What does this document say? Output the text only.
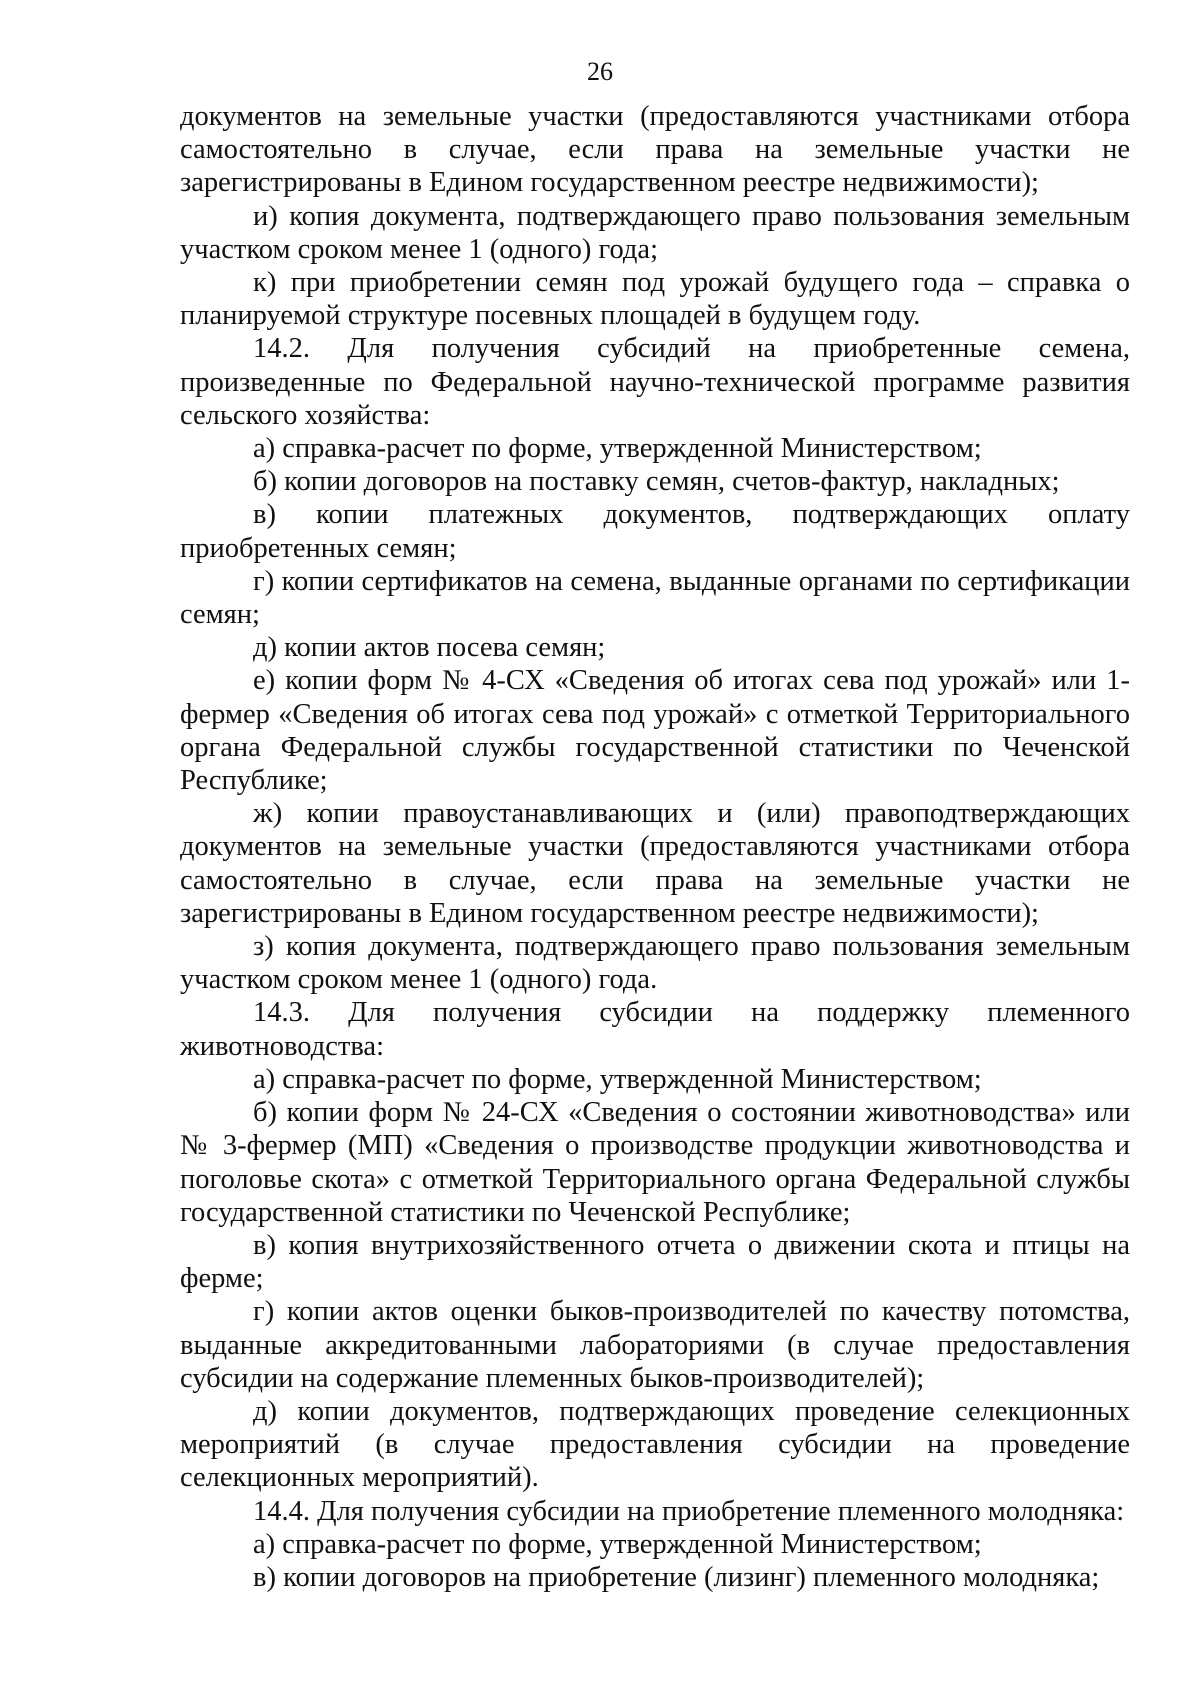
26

документов на земельные участки (предоставляются участниками отбора самостоятельно в случае, если права на земельные участки не зарегистрированы в Едином государственном реестре недвижимости);

и) копия документа, подтверждающего право пользования земельным участком сроком менее 1 (одного) года;

к) при приобретении семян под урожай будущего года – справка о планируемой структуре посевных площадей в будущем году.

14.2. Для получения субсидий на приобретенные семена, произведенные по Федеральной научно-технической программе развития сельского хозяйства:

а) справка-расчет по форме, утвержденной Министерством;

б) копии договоров на поставку семян, счетов-фактур, накладных;

в) копии платежных документов, подтверждающих оплату приобретенных семян;

г) копии сертификатов на семена, выданные органами по сертификации семян;

д) копии актов посева семян;

е) копии форм № 4-СХ «Сведения об итогах сева под урожай» или 1-фермер «Сведения об итогах сева под урожай» с отметкой Территориального органа Федеральной службы государственной статистики по Чеченской Республике;

ж) копии правоустанавливающих и (или) правоподтверждающих документов на земельные участки (предоставляются участниками отбора самостоятельно в случае, если права на земельные участки не зарегистрированы в Едином государственном реестре недвижимости);

з) копия документа, подтверждающего право пользования земельным участком сроком менее 1 (одного) года.

14.3. Для получения субсидии на поддержку племенного животноводства:

а) справка-расчет по форме, утвержденной Министерством;

б) копии форм № 24-СХ «Сведения о состоянии животноводства» или № 3-фермер (МП) «Сведения о производстве продукции животноводства и поголовье скота» с отметкой Территориального органа Федеральной службы государственной статистики по Чеченской Республике;

в) копия внутрихозяйственного отчета о движении скота и птицы на ферме;

г) копии актов оценки быков-производителей по качеству потомства, выданные аккредитованными лабораториями (в случае предоставления субсидии на содержание племенных быков-производителей);

д) копии документов, подтверждающих проведение селекционных мероприятий (в случае предоставления субсидии на проведение селекционных мероприятий).

14.4. Для получения субсидии на приобретение племенного молодняка:

а) справка-расчет по форме, утвержденной Министерством;

в) копии договоров на приобретение (лизинг) племенного молодняка;
